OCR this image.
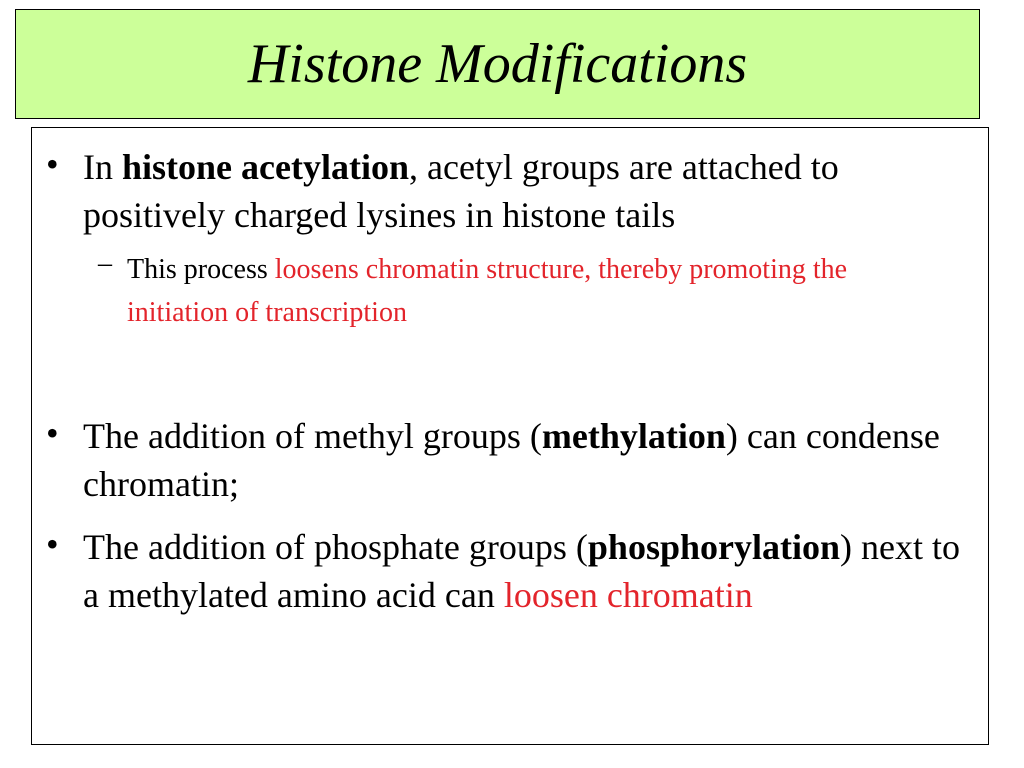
Histone Modifications
• In histone acetylation, acetyl groups are attached to positively charged lysines in histone tails
– This process loosens chromatin structure, thereby promoting the initiation of transcription
• The addition of methyl groups (methylation) can condense chromatin;
• The addition of phosphate groups (phosphorylation) next to a methylated amino acid can loosen chromatin
